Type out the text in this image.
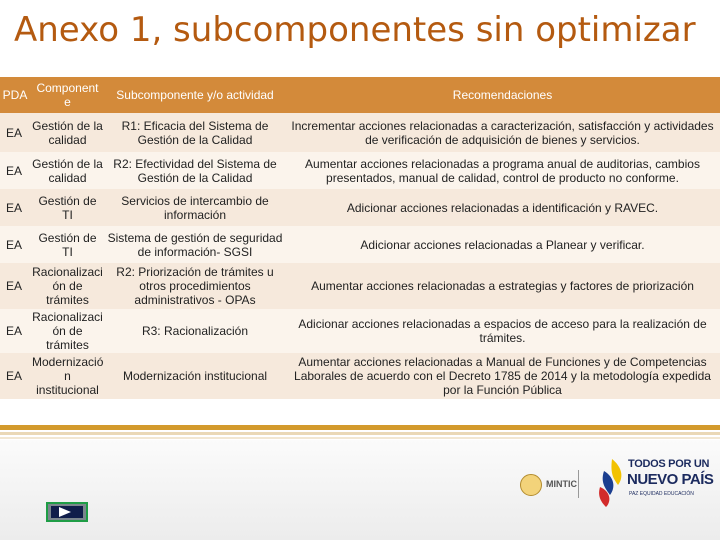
Anexo 1, subcomponentes sin optimizar
PDA	Component e	Subcomponente y/o actividad	Recomendaciones
EA	Gestión de la calidad	R1: Eficacia del Sistema de Gestión de la Calidad	Incrementar acciones relacionadas a caracterización, satisfacción y actividades de verificación de adquisición de bienes y servicios.
EA	Gestión de la calidad	R2: Efectividad del Sistema de Gestión de la Calidad	Aumentar acciones relacionadas a programa anual de auditorias, cambios presentados, manual de calidad, control de producto no conforme.
EA	Gestión de TI	Servicios de intercambio de información	Adicionar acciones relacionadas a identificación y RAVEC.
EA	Gestión de TI	Sistema de gestión de seguridad de información- SGSI	Adicionar acciones relacionadas a Planear y verificar.
EA	Racionalizaci ón de trámites	R2: Priorización de trámites u otros procedimientos administrativos - OPAs	Aumentar acciones relacionadas a estrategias y factores de priorización
EA	Racionalizaci ón de trámites	R3: Racionalización	Adicionar acciones relacionadas a espacios de acceso para la realización de trámites.
EA	Modernizació n institucional	Modernización institucional	Aumentar acciones relacionadas a Manual de Funciones y de Competencias Laborales de acuerdo con el Decreto 1785 de 2014 y la metodología expedida por la Función Pública
MINTIC
TODOS POR UN
NUEVO PAÍS
PAZ EQUIDAD EDUCACIÓN
